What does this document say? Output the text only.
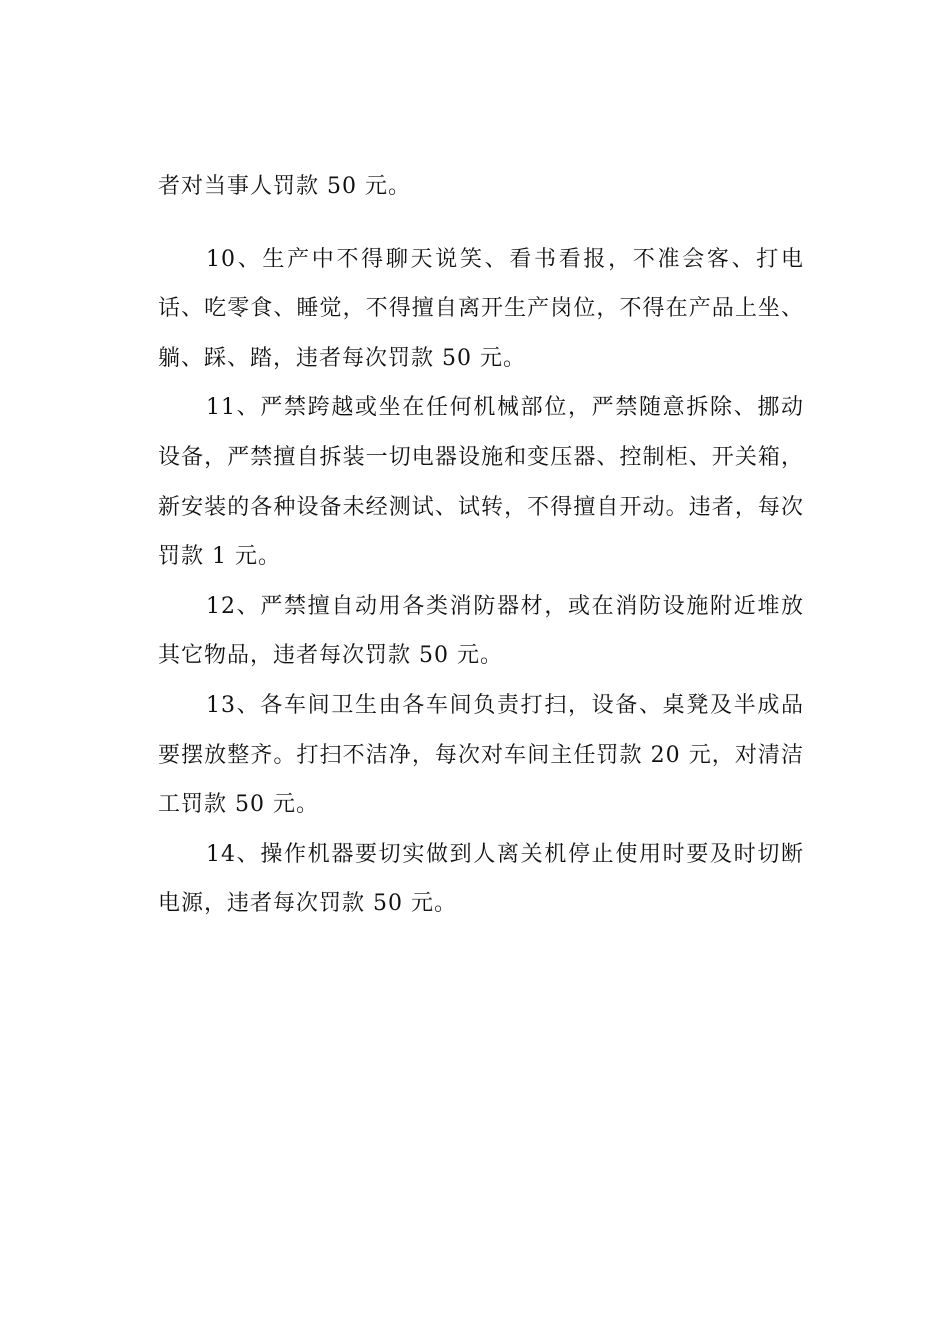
者对当事人罚款 50 元。

10、生产中不得聊天说笑、看书看报，不准会客、打电话、吃零食、睡觉，不得擅自离开生产岗位，不得在产品上坐、躺、踩、踏，违者每次罚款 50 元。

11、严禁跨越或坐在任何机械部位，严禁随意拆除、挪动设备，严禁擅自拆装一切电器设施和变压器、控制柜、开关箱，新安装的各种设备未经测试、试转，不得擅自开动。违者，每次罚款 1 元。

12、严禁擅自动用各类消防器材，或在消防设施附近堆放其它物品，违者每次罚款 50 元。

13、各车间卫生由各车间负责打扫，设备、桌凳及半成品要摆放整齐。打扫不洁净，每次对车间主任罚款 20 元，对清洁工罚款 50 元。

14、操作机器要切实做到人离关机停止使用时要及时切断电源，违者每次罚款 50 元。
